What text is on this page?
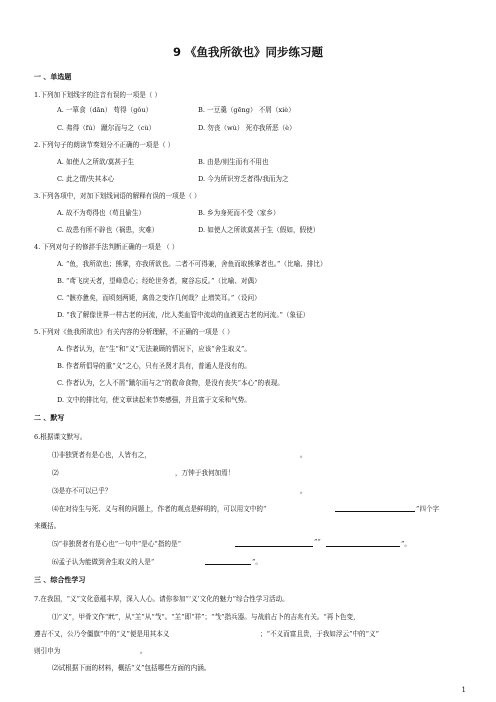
9 《鱼我所欲也》同步练习题
一 、单选题
1.下列加下划线字的注音有误的一项是（ ）
A. 一箪食（dān） 苟得（gǒu）	B. 一豆羹（gēng） 不屑（xiè）
C. 弗得（fú） 蹴尔而与之（cù）	D. 勿丧（wù） 死亦我所恶（è）
2.下列句子的朗读节奏划分不正确的一项是（ ）
A. 如使人之所欲/莫甚于生	B. 由是/则生而有不用也
C. 此之谓/失其本心	D. 今为所识穷乏者得/我而为之
3.下列各项中，对加下划线词语的解释有误的一项是（ ）
A. 故不为苟得也（苟且偷生）	B. 乡为身死而不受（家乡）
C. 故患有所不辟也（祸患，灾难）	D. 如使人之所欲莫甚于生（假如，假使）
4. 下列对句子的修辞手法判断正确的一项是 （ ）
A. “鱼，我所欲也；熊掌，亦我所欲也。二者不可得兼，舍鱼而取熊掌者也。”（比喻、排比）
B. “鸢飞戾天者，望峰息心；经纶世务者，窥谷忘反。”（比喻、对偶）
C. “骸亦惫矣，而顷刻两毙，禽兽之变诈几何哉？止增笑耳。”（设问）
D. “我了解像世界一样古老的河流，/比人类血管中流动的血液更古老的河流。”（象征）
5.下列对《鱼我所欲也》有关内容的分析理解，不正确的一项是（ ）
A. 作者认为，在“生”和“义”无法兼顾的情况下，应该“舍生取义”。
B. 作者所倡导的重“义”之心，只有圣贤才具有，普通人是没有的。
C. 作者认为，乞人不屑“蹴尔而与之”的救命食物，是没有丧失“本心”的表现。
D. 文中的排比句，使文章读起来节奏感强，并且富于文采和气势。
二 、默写
6.根据课文默写。
⑴非独贤者有是心也，人皆有之，	。
⑵	，万钟于我何加焉！
⑶是亦不可以已乎？	。
⑷在对待生与死、义与利的问题上，作者的观点是鲜明的，可以用文中的“	”四个字
来概括。
⑸“非独贤者有是心也”一句中“是心”指的是“	”“	”。
⑹孟子认为能做到舍生取义的人是“	”。
三 、综合性学习
7.在我国，“义”文化意蕴丰厚，深入人心。请你参加“‘义’文化的魅力”综合性学习活动。
⑴“义”，甲骨文作“𢍿”，从“𦍌”从“𢦏”。“𦍌”即“祥”；“𢦏”指兵器。与战前占卜的吉兆有关。“再卜色变，
遵吉不又，公乃令僵旗”中的“义”便是用其本义	；“不义而富且贵，于我如浮云”中的“义”
则引申为	。
⑵试根据下面的材料，概括“义”包括哪些方面的内涵。
1
